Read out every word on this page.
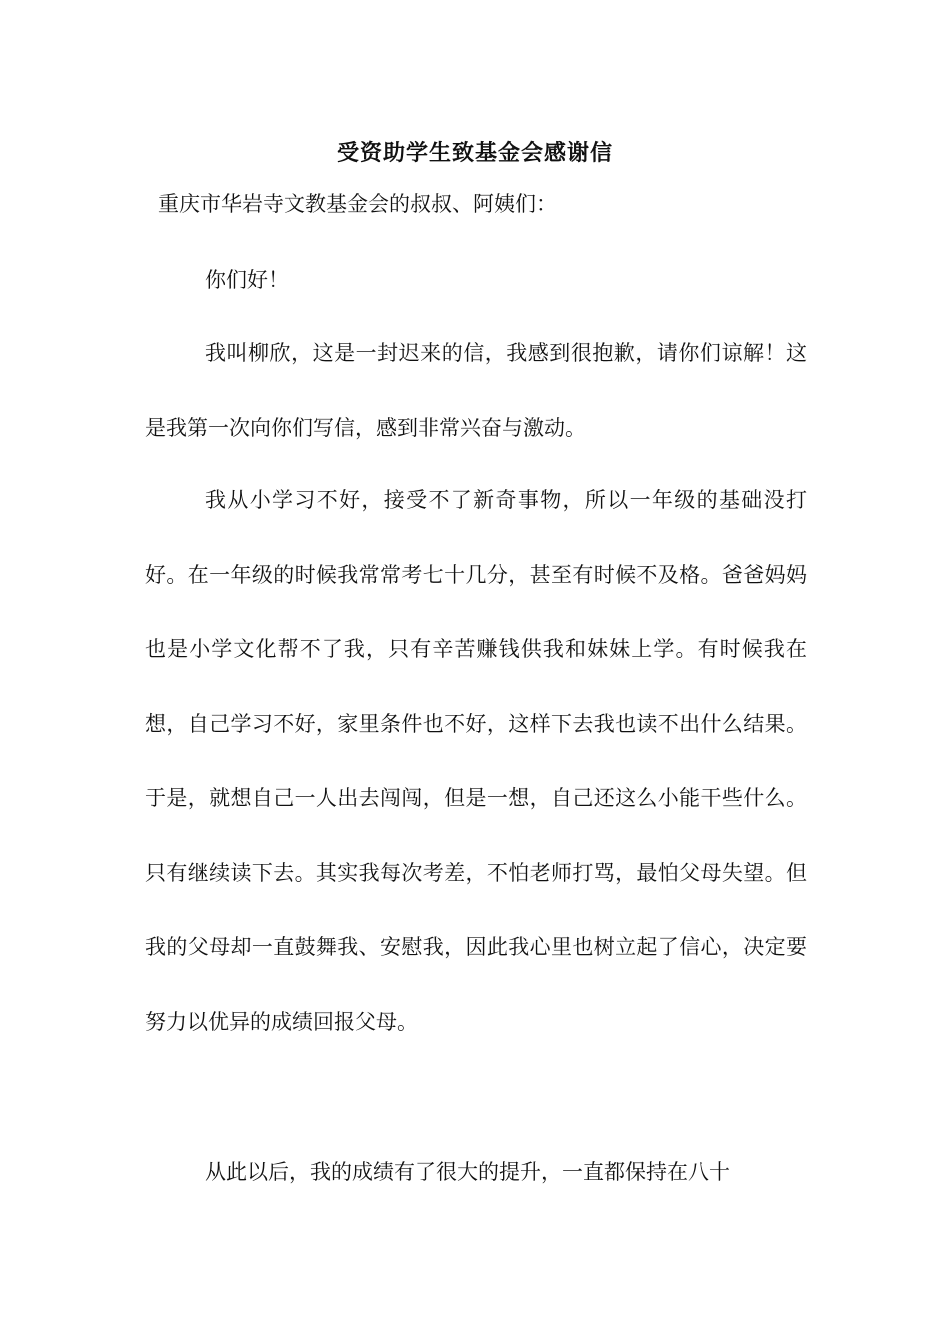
受资助学生致基金会感谢信
重庆市华岩寺文教基金会的叔叔、阿姨们：
你们好！

我叫柳欣，这是一封迟来的信，我感到很抱歉，请你们谅解！这是我第一次向你们写信，感到非常兴奋与激动。

我从小学习不好，接受不了新奇事物，所以一年级的基础没打好。在一年级的时候我常常考七十几分，甚至有时候不及格。爸爸妈妈也是小学文化帮不了我，只有辛苦赚钱供我和妹妹上学。有时候我在想，自己学习不好，家里条件也不好，这样下去我也读不出什么结果。于是，就想自己一人出去闯闯，但是一想，自己还这么小能干些什么。只有继续读下去。其实我每次考差，不怕老师打骂，最怕父母失望。但我的父母却一直鼓舞我、安慰我，因此我心里也树立起了信心，决定要努力以优异的成绩回报父母。

从此以后，我的成绩有了很大的提升，一直都保持在八十
